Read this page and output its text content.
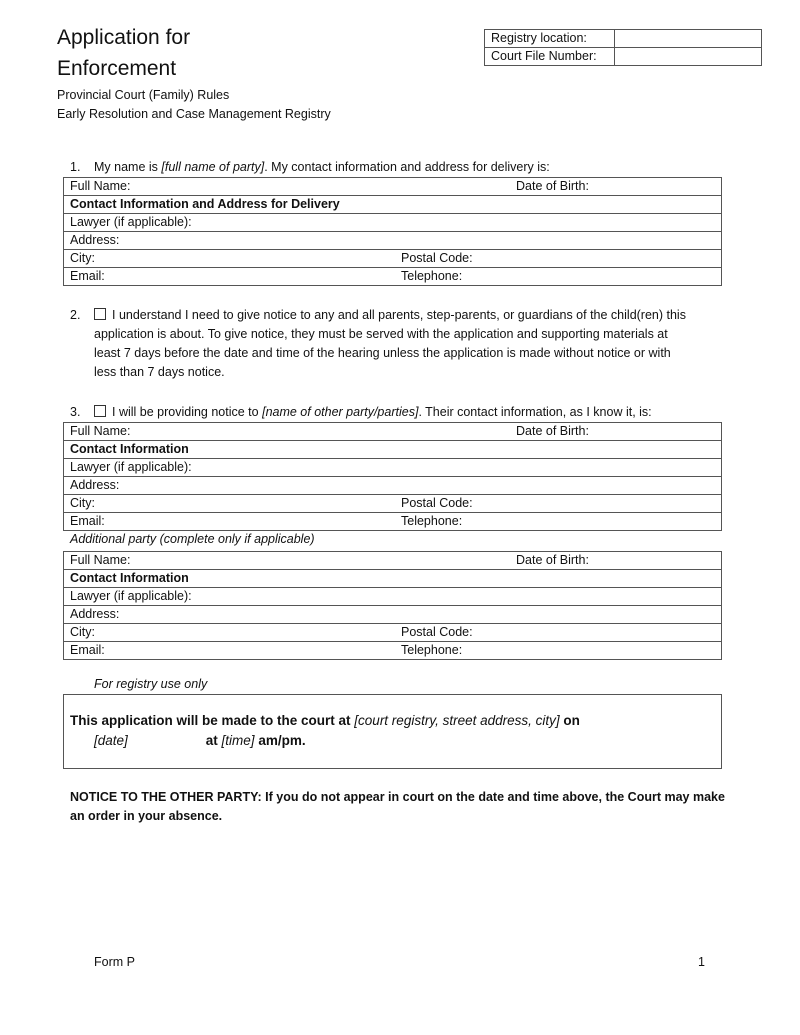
Application for
Enforcement
Provincial Court (Family) Rules
Early Resolution and Case Management Registry
Registry location:	
Court File Number:	
1. My name is [full name of party]. My contact information and address for delivery is:
Full Name:	Date of Birth:

Contact Information and Address for Delivery
Lawyer (if applicable):
Address:
City:	Postal Code:

Email:	Telephone:
2.	I understand I need to give notice to any and all parents, step-parents, or guardians of the child(ren) this
application is about. To give notice, they must be served with the application and supporting materials at
least 7 days before the date and time of the hearing unless the application is made without notice or with
less than 7 days notice.
3.	I will be providing notice to [name of other party/parties]. Their contact information, as I know it, is:
Full Name:	Date of Birth:

Contact Information
Lawyer (if applicable):
Address:
City:	Postal Code:

Email:	Telephone:
Additional party (complete only if applicable)
Full Name:	Date of Birth:

Contact Information
Lawyer (if applicable):
Address:
City:	Postal Code:

Email:	Telephone:
For registry use only
This application will be made to the court at [court registry, street address, city] on
[date]	at [time] am/pm.
NOTICE TO THE OTHER PARTY: If you do not appear in court on the date and time above, the Court may make
an order in your absence.
Form P	1
